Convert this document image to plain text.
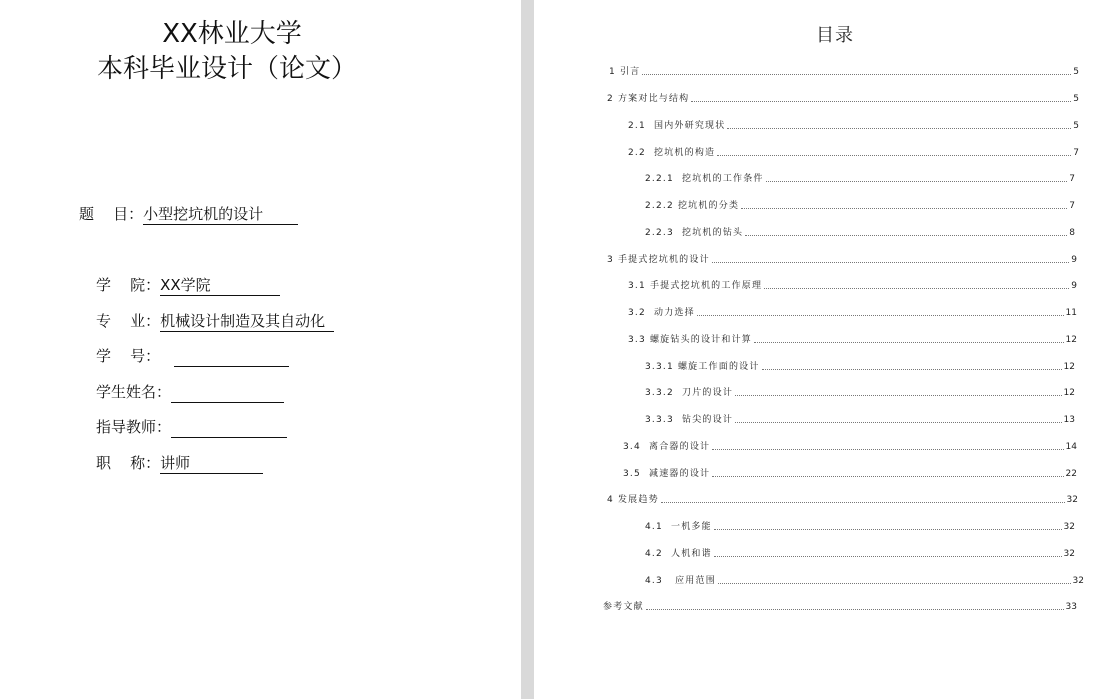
XX林业大学
本科毕业设计（论文）
题    目： 小型挖坑机的设计
学    院： XX学院
专    业： 机械设计制造及其自动化
学    号：

学生姓名：

指导教师：

职    称： 讲师
目录
1 引言	5
2 方案对比与结构	5
2.1  国内外研究现状	5
2.2  挖坑机的构造	7
2.2.1  挖坑机的工作条件	7
2.2.2 挖坑机的分类	7
2.2.3  挖坑机的钻头	8
3 手提式挖坑机的设计	9
3.1 手提式挖坑机的工作原理	9
3.2  动力选择	11
3.3 螺旋钻头的设计和计算	12
3.3.1 螺旋工作面的设计	12
3.3.2  刀片的设计	12
3.3.3  钻尖的设计	13
3.4  离合器的设计	14
3.5  减速器的设计	22
4 发展趋势	32
4.1  一机多能	32
4.2  人机和谐	32
4.3   应用范围	32
参考文献	33
